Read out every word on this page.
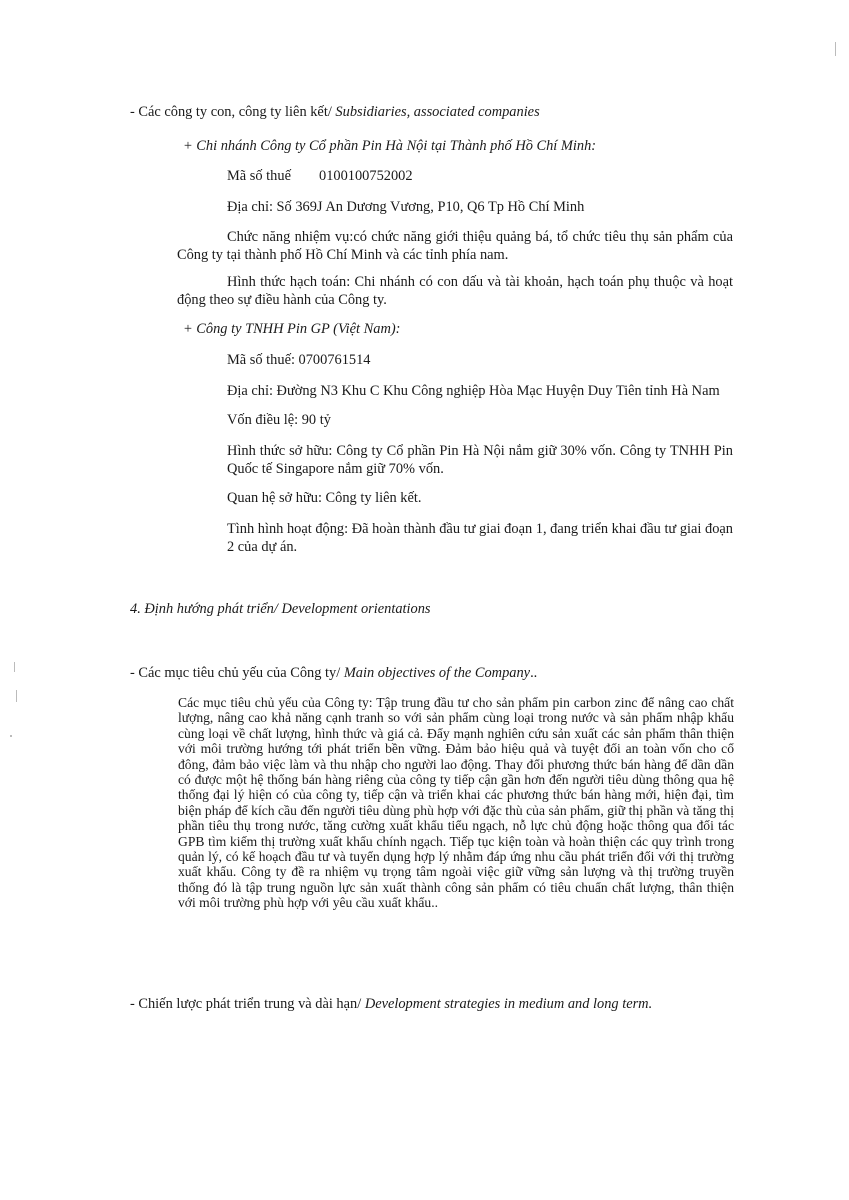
- Các công ty con, công ty liên kết/ Subsidiaries, associated companies
+ Chi nhánh Công ty Cổ phần Pin Hà Nội tại Thành phố Hồ Chí Minh:
Mã số thuế 0100100752002
Địa chỉ: Số 369J An Dương Vương, P10, Q6 Tp Hồ Chí Minh
Chức năng nhiệm vụ:có chức năng giới thiệu quảng bá, tổ chức tiêu thụ sản phẩm của Công ty tại thành phố Hồ Chí Minh và các tỉnh phía nam.
Hình thức hạch toán: Chi nhánh có con dấu và tài khoản, hạch toán phụ thuộc và hoạt động theo sự điều hành của Công ty.
+ Công ty TNHH Pin GP (Việt Nam):
Mã số thuế: 0700761514
Địa chỉ: Đường N3 Khu C Khu Công nghiệp Hòa Mạc Huyện Duy Tiên tỉnh Hà Nam
Vốn điều lệ: 90 tỷ
Hình thức sở hữu: Công ty Cổ phần Pin Hà Nội nắm giữ 30% vốn. Công ty TNHH Pin Quốc tế Singapore nắm giữ 70% vốn.
Quan hệ sở hữu: Công ty liên kết.
Tình hình hoạt động: Đã hoàn thành đầu tư giai đoạn 1, đang triển khai đầu tư giai đoạn 2 của dự án.
4. Định hướng phát triển/ Development orientations
- Các mục tiêu chủ yếu của Công ty/ Main objectives of the Company..
Các mục tiêu chủ yếu của Công ty: Tập trung đầu tư cho sản phẩm pin carbon zinc để nâng cao chất lượng, nâng cao khả năng cạnh tranh so với sản phẩm cùng loại trong nước và sản phẩm nhập khẩu cùng loại về chất lượng, hình thức và giá cả. Đẩy mạnh nghiên cứu sản xuất các sản phẩm thân thiện với môi trường hướng tới phát triển bền vững. Đảm bảo hiệu quả và tuyệt đối an toàn vốn cho cổ đông, đảm bảo việc làm và thu nhập cho người lao động. Thay đổi phương thức bán hàng để dần dần có được một hệ thống bán hàng riêng của công ty tiếp cận gần hơn đến người tiêu dùng thông qua hệ thống đại lý hiện có của công ty, tiếp cận và triển khai các phương thức bán hàng mới, hiện đại, tìm biện pháp để kích cầu đến người tiêu dùng phù hợp với đặc thù của sản phẩm, giữ thị phần và tăng thị phần tiêu thụ trong nước, tăng cường xuất khẩu tiểu ngạch, nỗ lực chủ động hoặc thông qua đối tác GPB tìm kiếm thị trường xuất khẩu chính ngạch. Tiếp tục kiện toàn và hoàn thiện các quy trình trong quản lý, có kế hoạch đầu tư và tuyển dụng hợp lý nhằm đáp ứng nhu cầu phát triển đối với thị trường xuất khẩu. Công ty đề ra nhiệm vụ trọng tâm ngoài việc giữ vững sản lượng và thị trường truyền thống đó là tập trung nguồn lực sản xuất thành công sản phẩm có tiêu chuẩn chất lượng, thân thiện với môi trường phù hợp với yêu cầu xuất khẩu..
- Chiến lược phát triển trung và dài hạn/ Development strategies in medium and long term.
